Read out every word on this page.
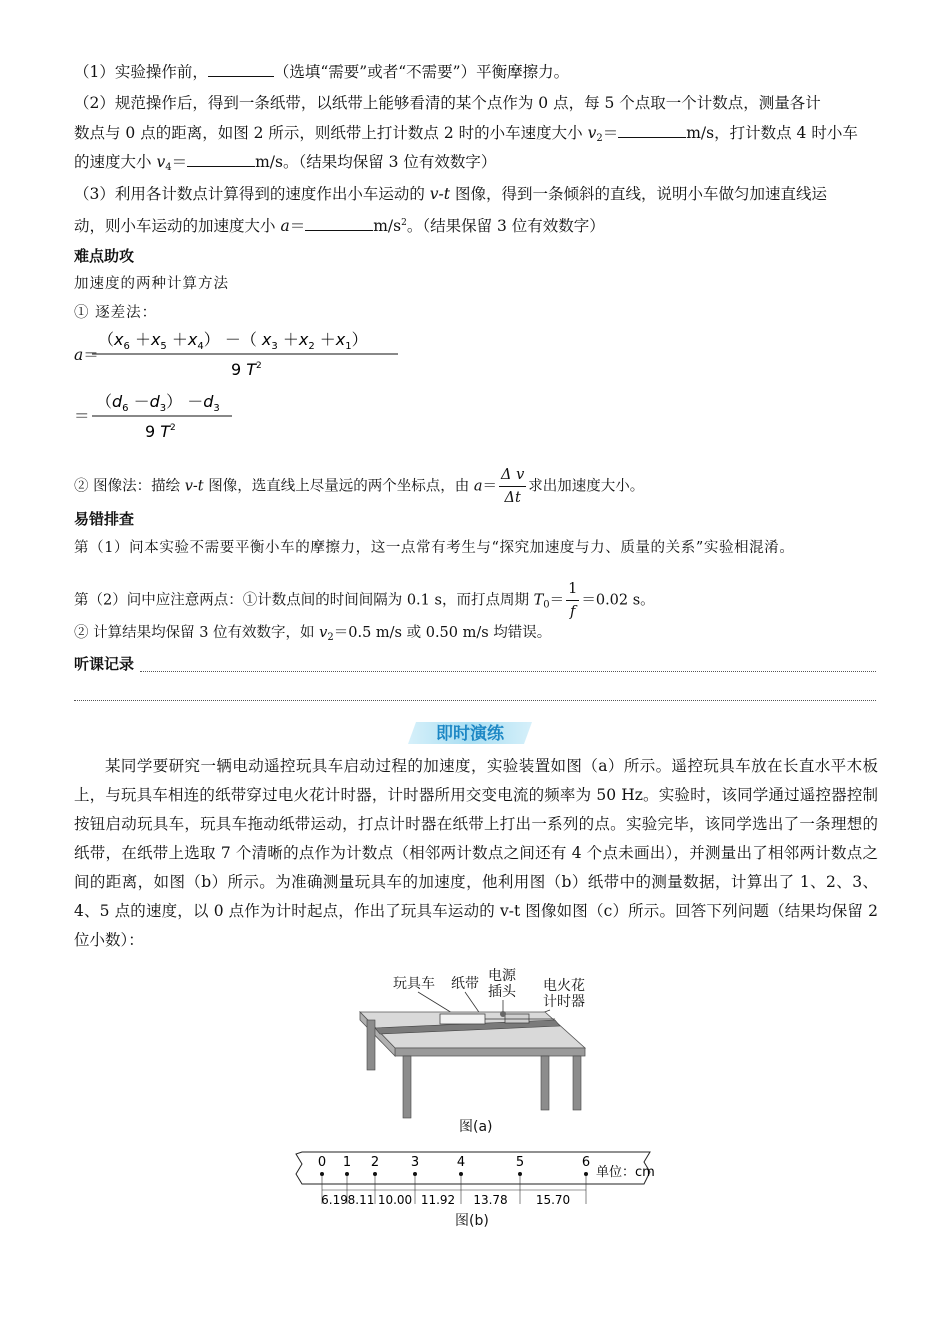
（1）实验操作前，	（选填“需要”或者“不需要”）平衡摩擦力。
（2）规范操作后，得到一条纸带，以纸带上能够看清的某个点作为 0 点，每 5 个点取一个计数点，测量各计
数点与 0 点的距离，如图 2 所示，则纸带上打计数点 2 时的小车速度大小 $v_2=$	m/s，打计数点 4 时小车
的速度大小 $v_4=$	m/s。（结果均保留 3 位有效数字）
（3）利用各计数点计算得到的速度作出小车运动的 v-t 图像，得到一条倾斜的直线，说明小车做匀加速直线运
动，则小车运动的加速度大小 a＝	$m/s^2$。（结果保留 3 位有效数字）
难点助攻
加速度的两种计算方法
① 逐差法：
a＝
$(x_6 +x_5 +x_4)$ －（ $x_3 +x_2 +x_1$）
9 $T^2$
＝
$(d_6 -d_3) -d_3$
9 $T^2$
② 图像法：描绘 v-t 图像，选直线上尽量远的两个坐标点，由 $a= \frac{\text{Δ v}}{\Delta t}$ 求出加速度大小。
易错排查
第（1）问本实验不需要平衡小车的摩擦力，这一点常有考生与“探究加速度与力、质量的关系”实验相混淆。
第（2）问中应注意两点：①计数点间的时间间隔为 0.1 s，而打点周期 $T_0= \frac{1}{f} =0.02$ s。
② 计算结果均保留 3 位有效数字，如 $v_2=0.5$ m/s 或 0.50 m/s 均错误。
听课记录
即时演练
某同学要研究一辆电动遥控玩具车启动过程的加速度，实验装置如图（a）所示。遥控玩具车放在长直水平木板上，与玩具车相连的纸带穿过电火花计时器，计时器所用交变电流的频率为 50 Hz。实验时，该同学通过遥控器控制按钮启动玩具车，玩具车拖动纸带运动，打点计时器在纸带上打出一系列的点。实验完毕，该同学选出了一条理想的纸带，在纸带上选取 7 个清晰的点作为计数点（相邻两计数点之间还有 4 个点未画出），并测量出了相邻两计数点之间的距离，如图（b）所示。为准确测量玩具车的加速度，他利用图（b）纸带中的测量数据，计算出了 1、2、3、4、5 点的速度，以 0 点作为计时起点，作出了玩具车运动的 v-t 图像如图（c）所示。回答下列问题（结果均保留 2 位小数）：
玩具车 纸带 电源
插头 电火花
计时器
图(a)
0 1 2 3	4	5	6
单位：cm
6.19 8.11 10.00 11.92 13.78 15.70
图(b)
